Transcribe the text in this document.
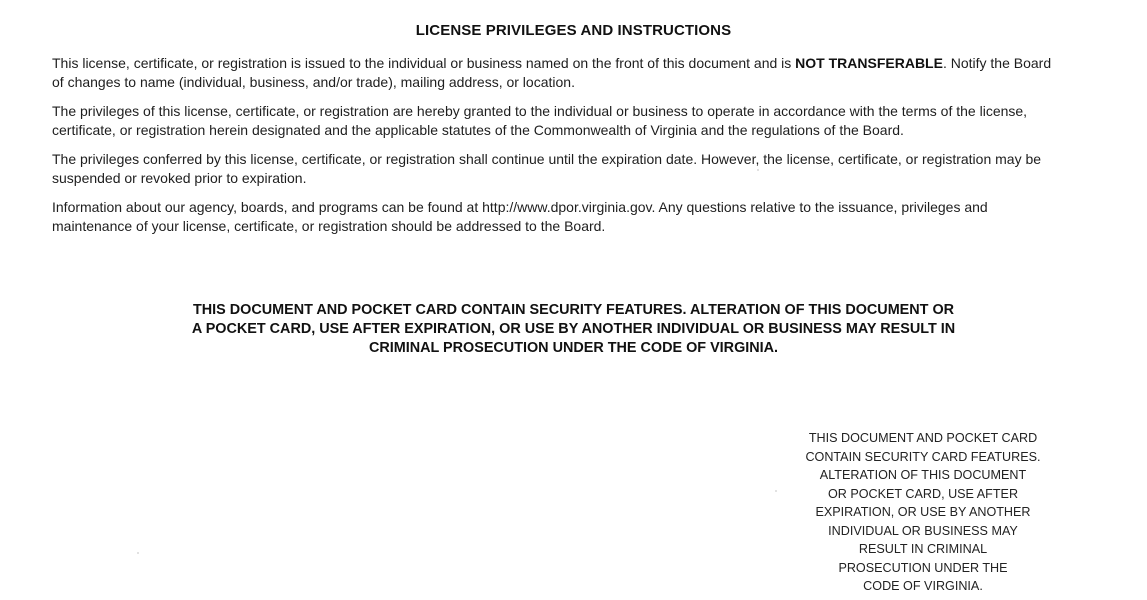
LICENSE PRIVILEGES AND INSTRUCTIONS

This license, certificate, or registration is issued to the individual or business named on the front of this document and is NOT TRANSFERABLE. Notify the Board of changes to name (individual, business, and/or trade), mailing address, or location.

The privileges of this license, certificate, or registration are hereby granted to the individual or business to operate in accordance with the terms of the license, certificate, or registration herein designated and the applicable statutes of the Commonwealth of Virginia and the regulations of the Board.

The privileges conferred by this license, certificate, or registration shall continue until the expiration date. However, the license, certificate, or registration may be suspended or revoked prior to expiration.

Information about our agency, boards, and programs can be found at http://www.dpor.virginia.gov. Any questions relative to the issuance, privileges and maintenance of your license, certificate, or registration should be addressed to the Board.

THIS DOCUMENT AND POCKET CARD CONTAIN SECURITY FEATURES. ALTERATION OF THIS DOCUMENT OR
A POCKET CARD, USE AFTER EXPIRATION, OR USE BY ANOTHER INDIVIDUAL OR BUSINESS MAY RESULT IN
CRIMINAL PROSECUTION UNDER THE CODE OF VIRGINIA.
THIS DOCUMENT AND POCKET CARD
CONTAIN SECURITY CARD FEATURES.
ALTERATION OF THIS DOCUMENT
OR POCKET CARD, USE AFTER
EXPIRATION, OR USE BY ANOTHER
INDIVIDUAL OR BUSINESS MAY
RESULT IN CRIMINAL
PROSECUTION UNDER THE
CODE OF VIRGINIA.
